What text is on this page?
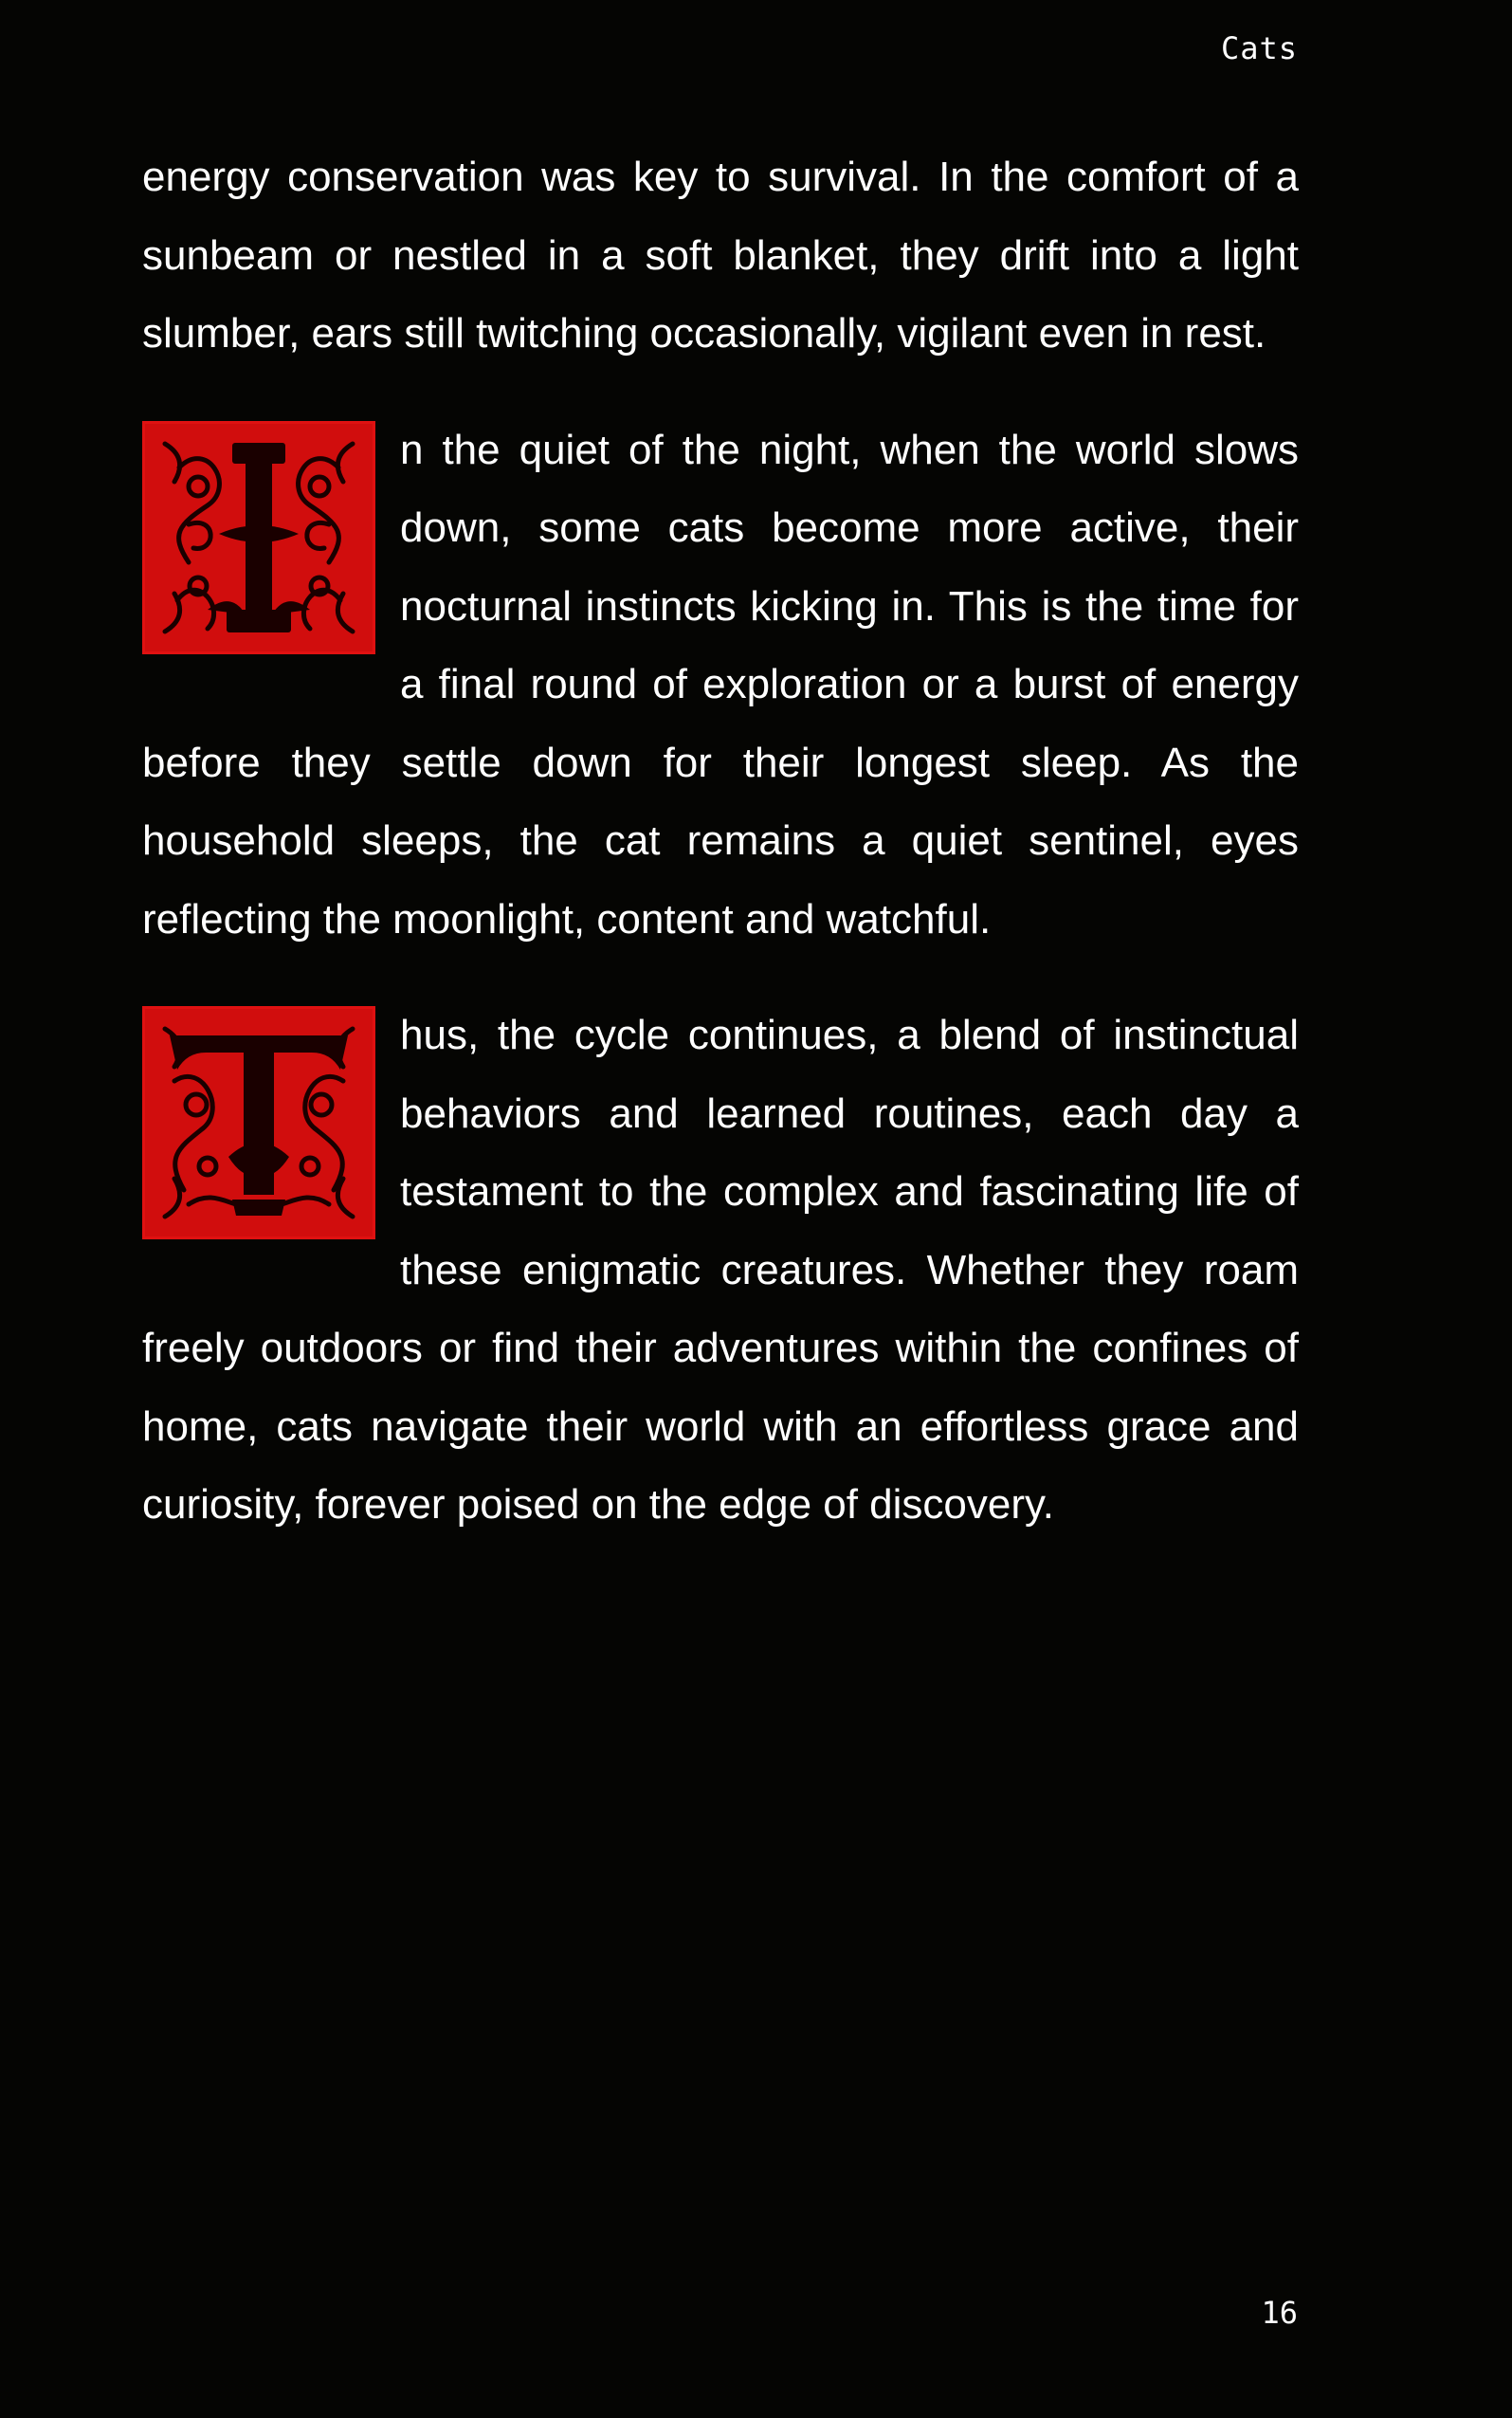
Cats

energy conservation was key to survival. In the comfort of a sunbeam or nestled in a soft blanket, they drift into a light slumber, ears still twitching occasionally, vigilant even in rest.

n the quiet of the night, when the world slows down, some cats become more active, their nocturnal instincts kicking in. This is the time for a final round of exploration or a burst of energy before they settle down for their longest sleep. As the household sleeps, the cat remains a quiet sentinel, eyes reflecting the moonlight, content and watchful.

hus, the cycle continues, a blend of instinctual behaviors and learned routines, each day a testament to the complex and fascinating life of these enigmatic creatures. Whether they roam freely outdoors or find their adventures within the confines of home, cats navigate their world with an effortless grace and curiosity, forever poised on the edge of discovery.

16
